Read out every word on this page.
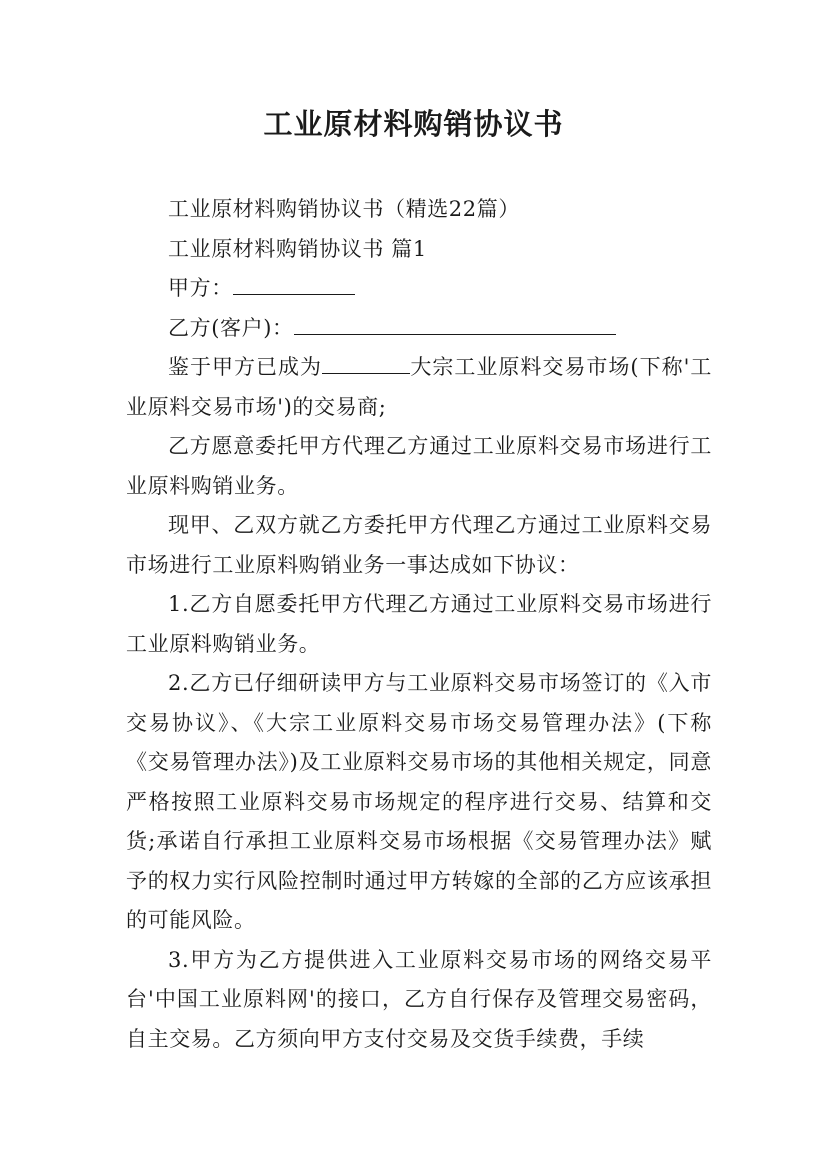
工业原材料购销协议书

工业原材料购销协议书（精选22篇）

工业原材料购销协议书 篇1

甲方：

乙方(客户)：

鉴于甲方已成为	大宗工业原料交易市场(下称'工业原料交易市场')的交易商;

乙方愿意委托甲方代理乙方通过工业原料交易市场进行工业原料购销业务。

现甲、乙双方就乙方委托甲方代理乙方通过工业原料交易市场进行工业原料购销业务一事达成如下协议：

1.乙方自愿委托甲方代理乙方通过工业原料交易市场进行工业原料购销业务。

2.乙方已仔细研读甲方与工业原料交易市场签订的《入市交易协议》、《大宗工业原料交易市场交易管理办法》(下称《交易管理办法》)及工业原料交易市场的其他相关规定，同意严格按照工业原料交易市场规定的程序进行交易、结算和交货;承诺自行承担工业原料交易市场根据《交易管理办法》赋予的权力实行风险控制时通过甲方转嫁的全部的乙方应该承担的可能风险。

3.甲方为乙方提供进入工业原料交易市场的网络交易平台'中国工业原料网'的接口，乙方自行保存及管理交易密码，自主交易。乙方须向甲方支付交易及交货手续费，手续
